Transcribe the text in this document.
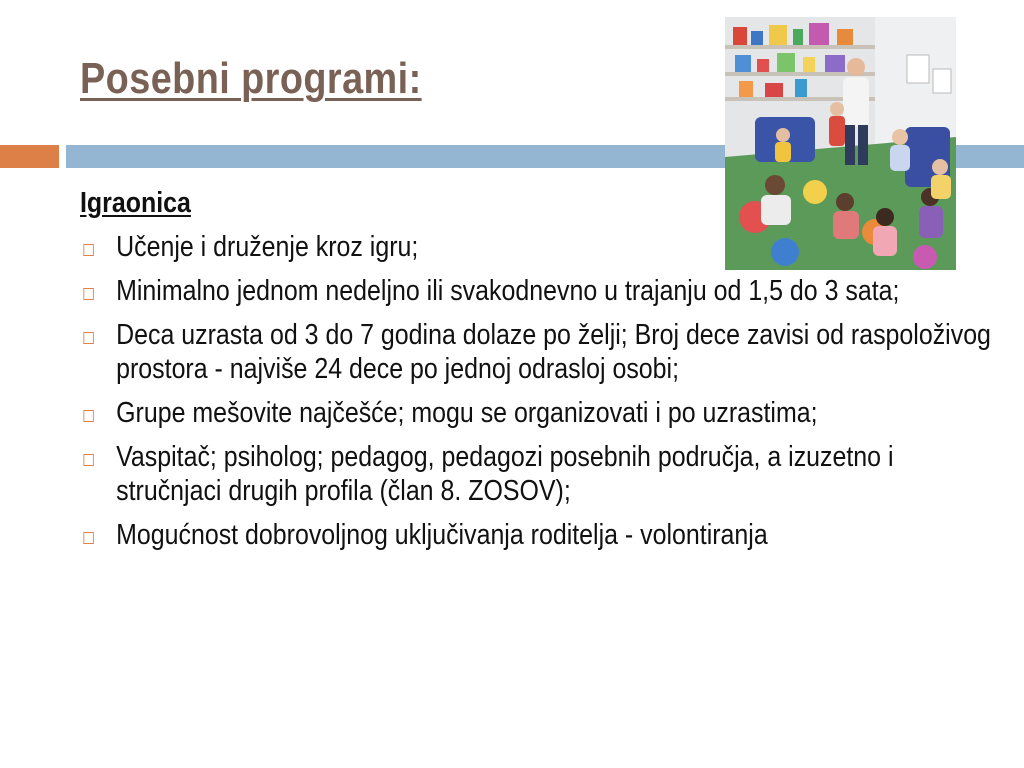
Posebni programi:
Igraonica
Učenje i druženje kroz igru;
Minimalno jednom nedeljno ili svakodnevno u trajanju od 1,5 do 3 sata;
Deca uzrasta od 3 do 7 godina dolaze po želji; Broj dece zavisi od raspoloživog prostora - najviše 24 dece po jednoj odrasloj osobi;
Grupe mešovite najčešće; mogu se organizovati i po uzrastima;
Vaspitač; psiholog; pedagog, pedagozi posebnih područja, a izuzetno i stručnjaci drugih profila (član 8. ZOSOV);
Mogućnost dobrovoljnog uključivanja roditelja - volontiranja
